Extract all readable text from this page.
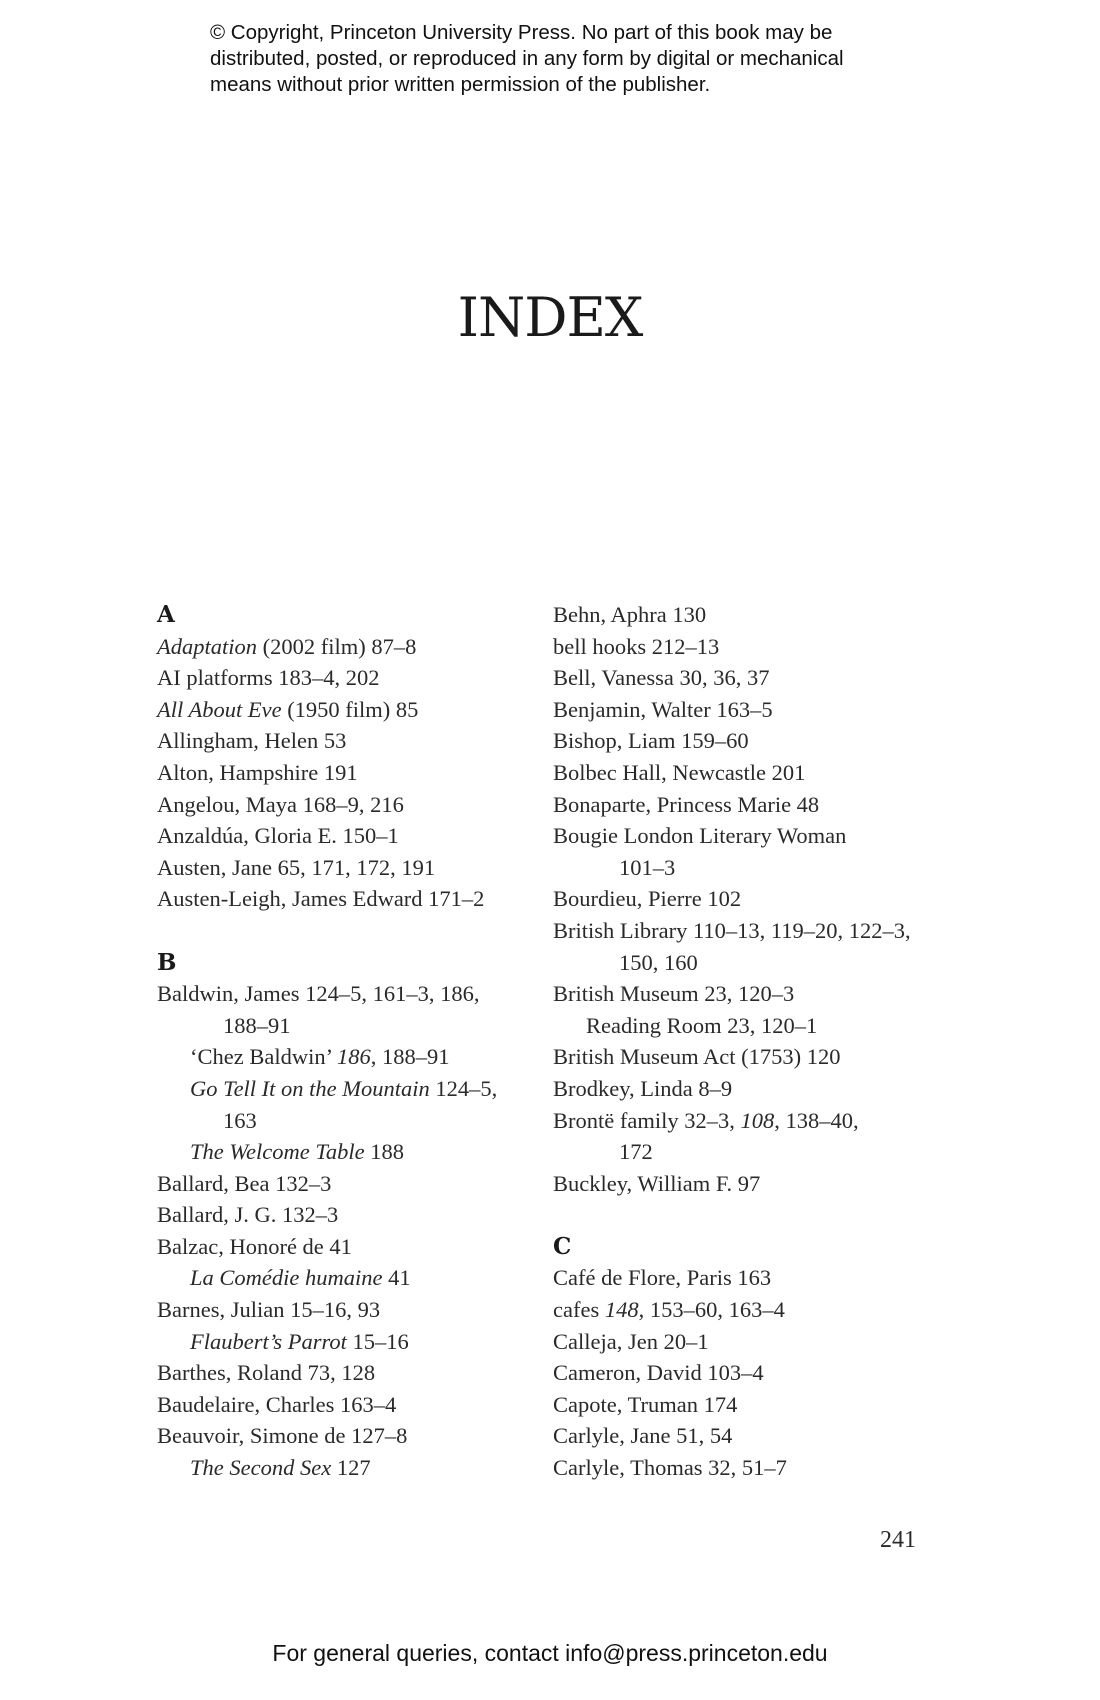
© Copyright, Princeton University Press. No part of this book may be
distributed, posted, or reproduced in any form by digital or mechanical
means without prior written permission of the publisher.
INDEX
A
Adaptation (2002 film) 87–8
AI platforms 183–4, 202
All About Eve (1950 film) 85
Allingham, Helen 53
Alton, Hampshire 191
Angelou, Maya 168–9, 216
Anzaldúa, Gloria E. 150–1
Austen, Jane 65, 171, 172, 191
Austen-Leigh, James Edward 171–2
B
Baldwin, James 124–5, 161–3, 186,
188–91
‘Chez Baldwin’ 186, 188–91
Go Tell It on the Mountain 124–5,
163
The Welcome Table 188
Ballard, Bea 132–3
Ballard, J. G. 132–3
Balzac, Honoré de 41
La Comédie humaine 41
Barnes, Julian 15–16, 93
Flaubert’s Parrot 15–16
Barthes, Roland 73, 128
Baudelaire, Charles 163–4
Beauvoir, Simone de 127–8
The Second Sex 127
Behn, Aphra 130
bell hooks 212–13
Bell, Vanessa 30, 36, 37
Benjamin, Walter 163–5
Bishop, Liam 159–60
Bolbec Hall, Newcastle 201
Bonaparte, Princess Marie 48
Bougie London Literary Woman
101–3
Bourdieu, Pierre 102
British Library 110–13, 119–20, 122–3,
150, 160
British Museum 23, 120–3
Reading Room 23, 120–1
British Museum Act (1753) 120
Brodkey, Linda 8–9
Brontë family 32–3, 108, 138–40,
172
Buckley, William F. 97
C
Café de Flore, Paris 163
cafes 148, 153–60, 163–4
Calleja, Jen 20–1
Cameron, David 103–4
Capote, Truman 174
Carlyle, Jane 51, 54
Carlyle, Thomas 32, 51–7
241
For general queries, contact info@press.princeton.edu
